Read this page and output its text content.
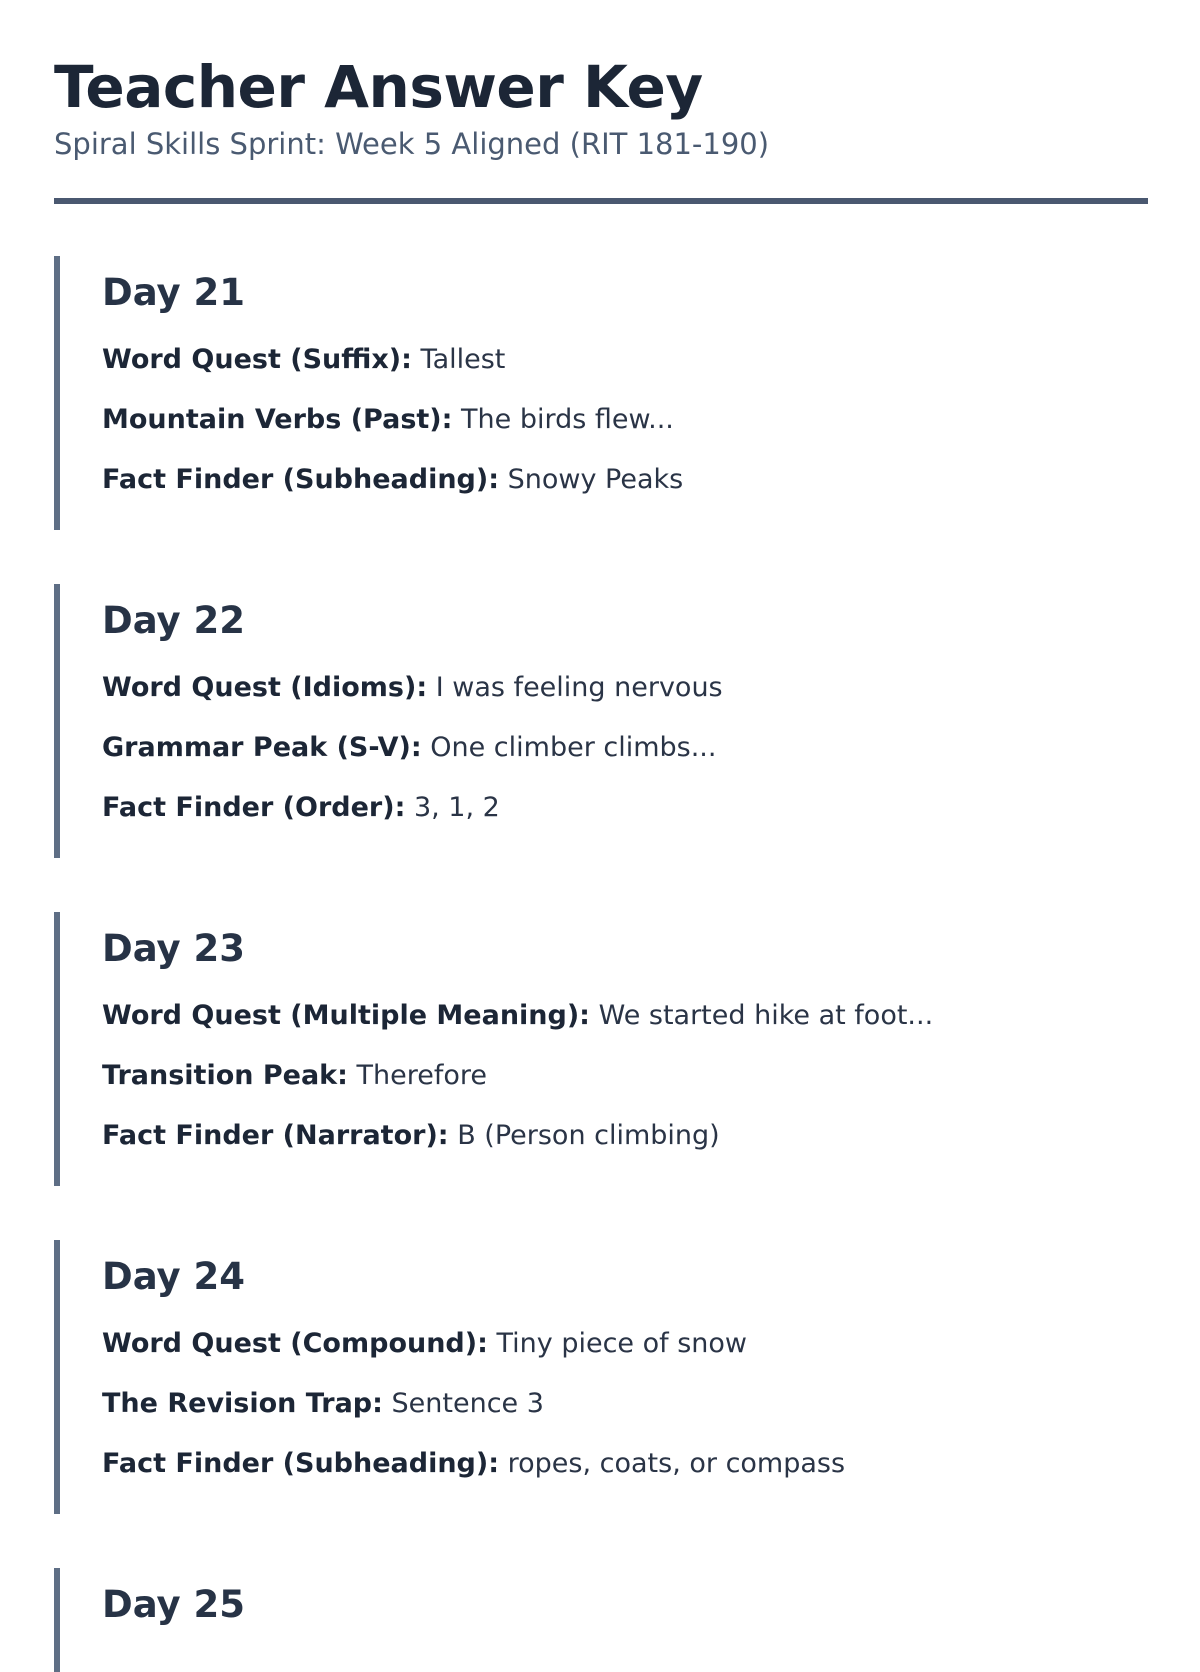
Teacher Answer Key
Spiral Skills Sprint: Week 5 Aligned (RIT 181-190)
Day 21

Word Quest (Suffix): Tallest

Mountain Verbs (Past): The birds flew...

Fact Finder (Subheading): Snowy Peaks

Day 22

Word Quest (Idioms): I was feeling nervous

Grammar Peak (S-V): One climber climbs...

Fact Finder (Order): 3, 1, 2

Day 23

Word Quest (Multiple Meaning): We started hike at foot...

Transition Peak: Therefore

Fact Finder (Narrator): B (Person climbing)

Day 24

Word Quest (Compound): Tiny piece of snow

The Revision Trap: Sentence 3

Fact Finder (Subheading): ropes, coats, or compass

Day 25
